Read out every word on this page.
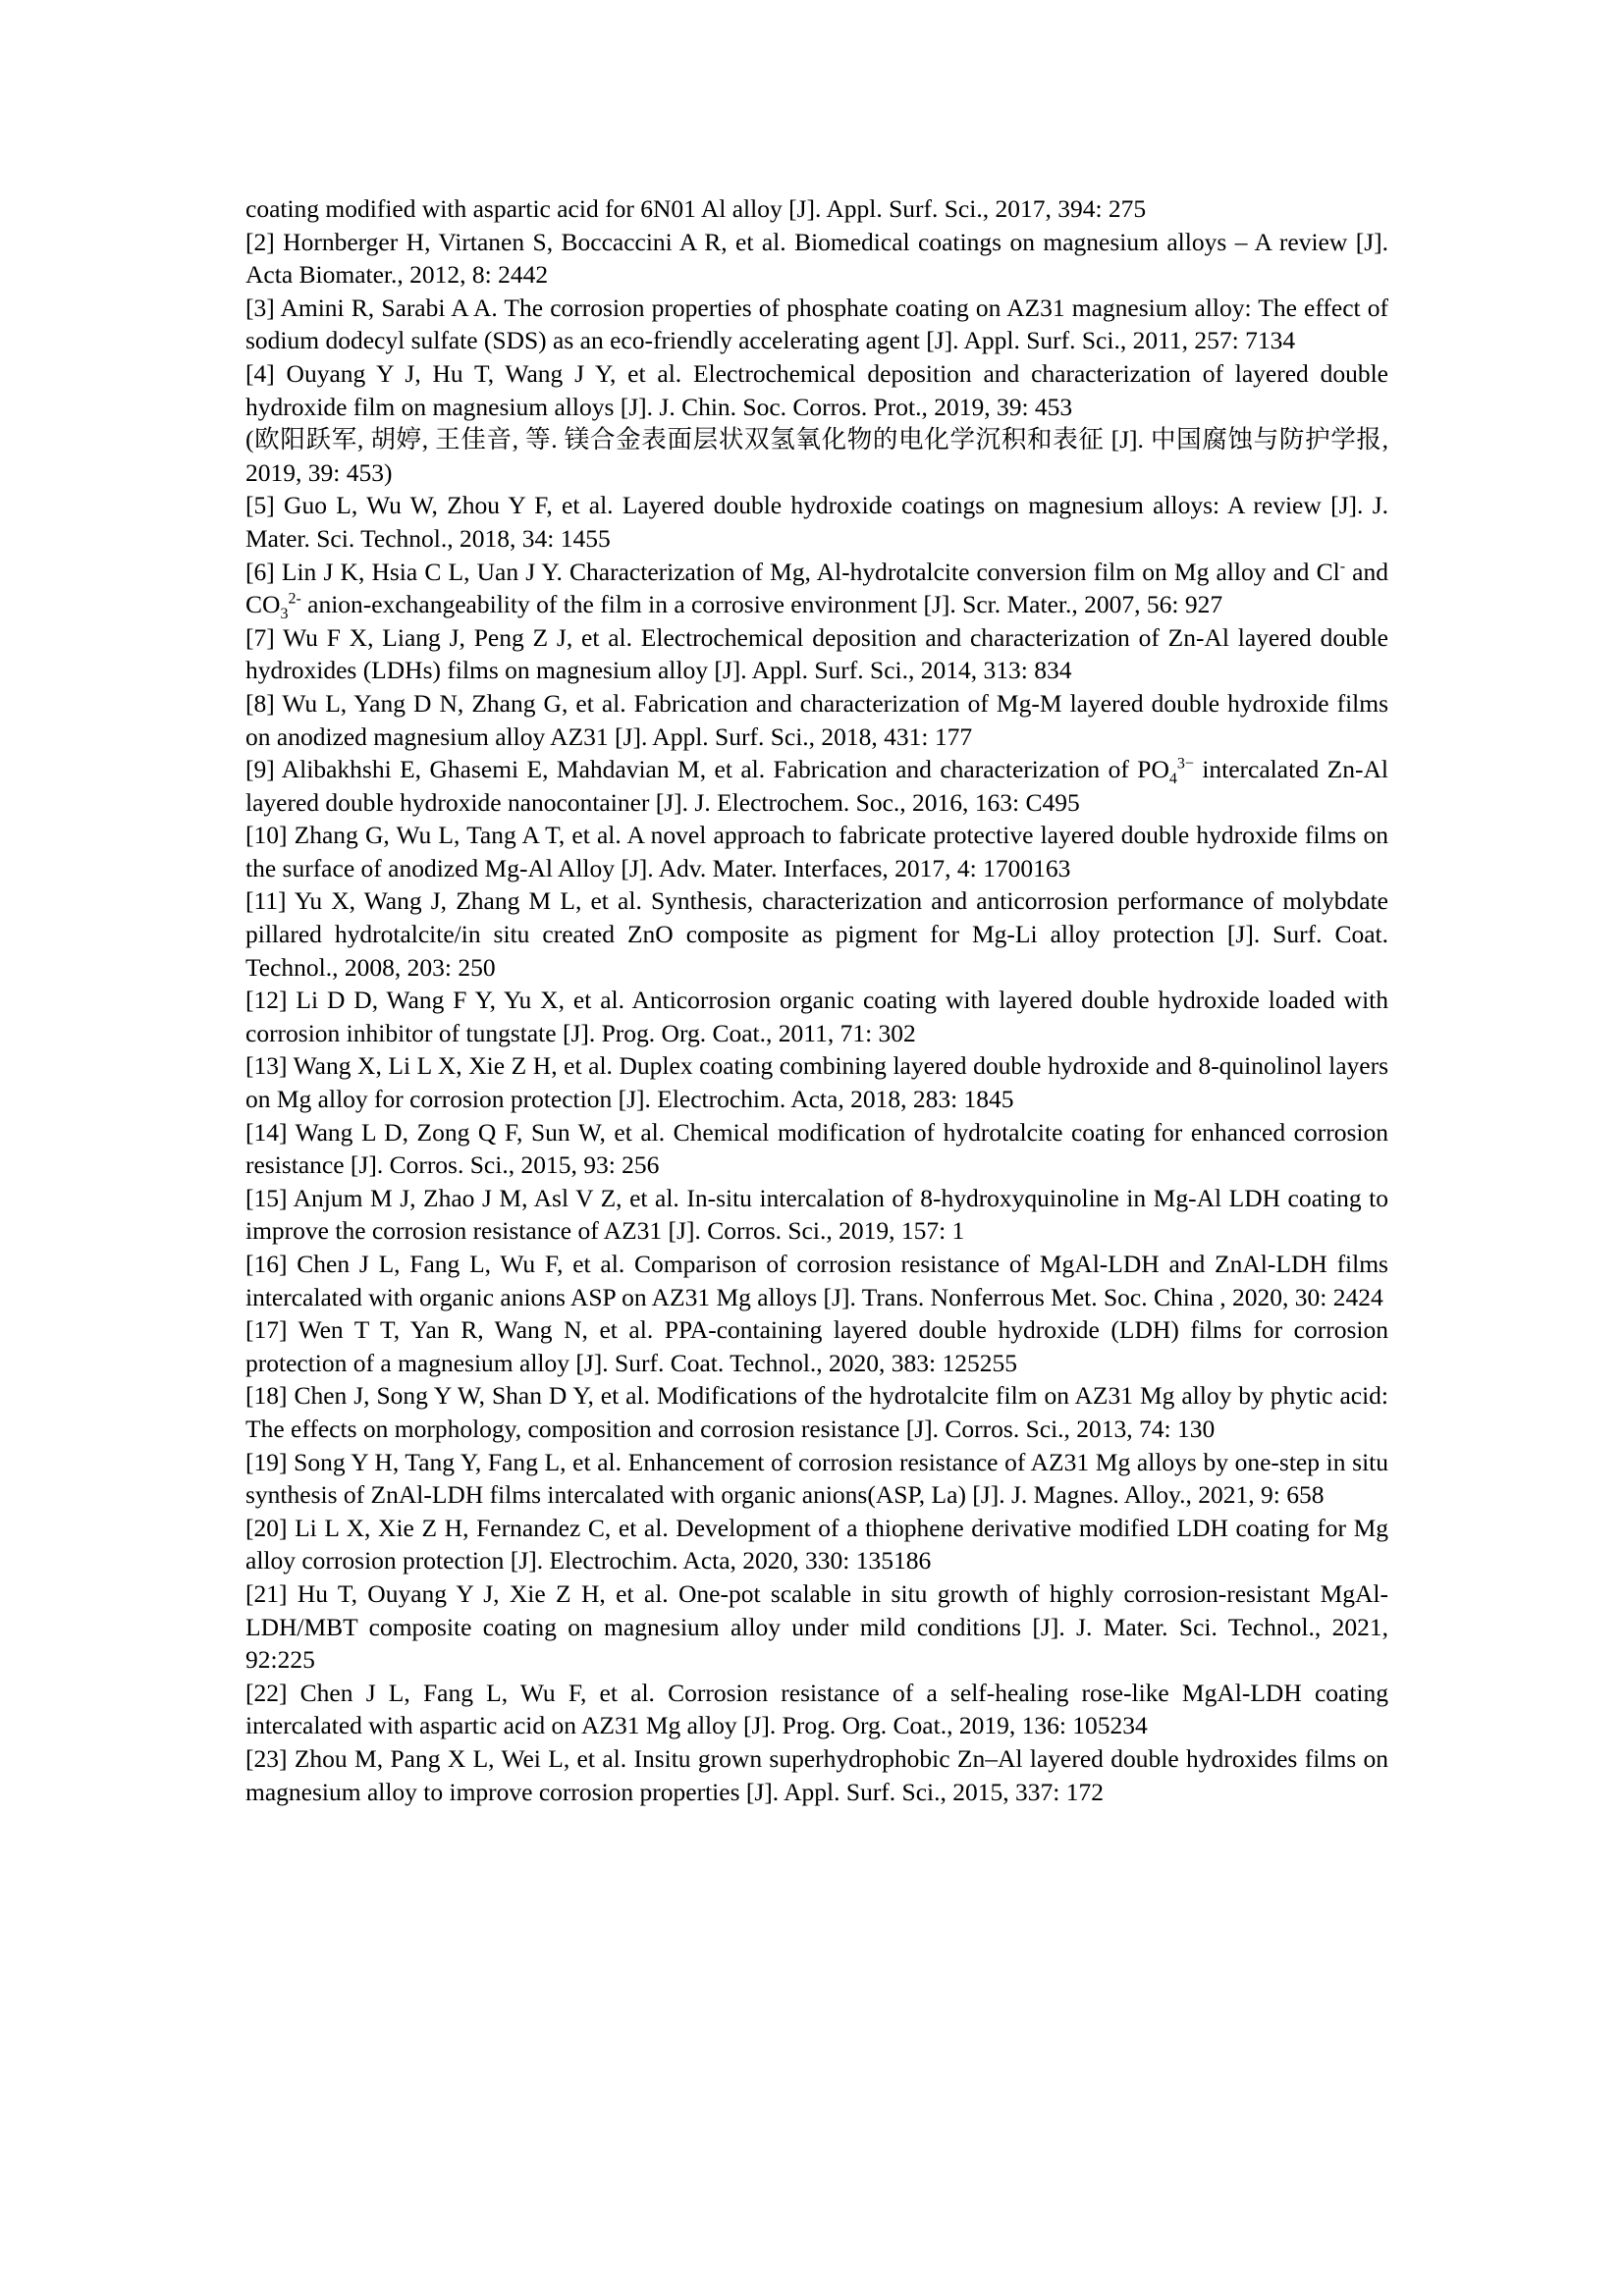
coating modified with aspartic acid for 6N01 Al alloy [J]. Appl. Surf. Sci., 2017, 394: 275

[2] Hornberger H, Virtanen S, Boccaccini A R, et al. Biomedical coatings on magnesium alloys – A review [J]. Acta Biomater., 2012, 8: 2442

[3] Amini R, Sarabi A A. The corrosion properties of phosphate coating on AZ31 magnesium alloy: The effect of sodium dodecyl sulfate (SDS) as an eco-friendly accelerating agent [J]. Appl. Surf. Sci., 2011, 257: 7134

[4] Ouyang Y J, Hu T, Wang J Y, et al. Electrochemical deposition and characterization of layered double hydroxide film on magnesium alloys [J]. J. Chin. Soc. Corros. Prot., 2019, 39: 453

(欧阳跃军, 胡婷, 王佳音, 等. 镁合金表面层状双氢氧化物的电化学沉积和表征 [J]. 中国腐蚀与防护学报, 2019, 39: 453)

[5] Guo L, Wu W, Zhou Y F, et al. Layered double hydroxide coatings on magnesium alloys: A review [J]. J. Mater. Sci. Technol., 2018, 34: 1455

[6] Lin J K, Hsia C L, Uan J Y. Characterization of Mg, Al-hydrotalcite conversion film on Mg alloy and Cl- and $CO_3^{2-}$ anion-exchangeability of the film in a corrosive environment [J]. Scr. Mater., 2007, 56: 927

[7] Wu F X, Liang J, Peng Z J, et al. Electrochemical deposition and characterization of Zn-Al layered double hydroxides (LDHs) films on magnesium alloy [J]. Appl. Surf. Sci., 2014, 313: 834

[8] Wu L, Yang D N, Zhang G, et al. Fabrication and characterization of Mg-M layered double hydroxide films on anodized magnesium alloy AZ31 [J]. Appl. Surf. Sci., 2018, 431: 177

[9] Alibakhshi E, Ghasemi E, Mahdavian M, et al. Fabrication and characterization of $PO_4^{3-}$ intercalated Zn-Al layered double hydroxide nanocontainer [J]. J. Electrochem. Soc., 2016, 163: C495

[10] Zhang G, Wu L, Tang A T, et al. A novel approach to fabricate protective layered double hydroxide films on the surface of anodized Mg-Al Alloy [J]. Adv. Mater. Interfaces, 2017, 4: 1700163

[11] Yu X, Wang J, Zhang M L, et al. Synthesis, characterization and anticorrosion performance of molybdate pillared hydrotalcite/in situ created ZnO composite as pigment for Mg-Li alloy protection [J]. Surf. Coat. Technol., 2008, 203: 250

[12] Li D D, Wang F Y, Yu X, et al. Anticorrosion organic coating with layered double hydroxide loaded with corrosion inhibitor of tungstate [J]. Prog. Org. Coat., 2011, 71: 302

[13] Wang X, Li L X, Xie Z H, et al. Duplex coating combining layered double hydroxide and 8-quinolinol layers on Mg alloy for corrosion protection [J]. Electrochim. Acta, 2018, 283: 1845

[14] Wang L D, Zong Q F, Sun W, et al. Chemical modification of hydrotalcite coating for enhanced corrosion resistance [J]. Corros. Sci., 2015, 93: 256

[15] Anjum M J, Zhao J M, Asl V Z, et al. In-situ intercalation of 8-hydroxyquinoline in Mg-Al LDH coating to improve the corrosion resistance of AZ31 [J]. Corros. Sci., 2019, 157: 1

[16] Chen J L, Fang L, Wu F, et al. Comparison of corrosion resistance of MgAl-LDH and ZnAl-LDH films intercalated with organic anions ASP on AZ31 Mg alloys [J]. Trans. Nonferrous Met. Soc. China , 2020, 30: 2424

[17] Wen T T, Yan R, Wang N, et al. PPA-containing layered double hydroxide (LDH) films for corrosion protection of a magnesium alloy [J]. Surf. Coat. Technol., 2020, 383: 125255

[18] Chen J, Song Y W, Shan D Y, et al. Modifications of the hydrotalcite film on AZ31 Mg alloy by phytic acid: The effects on morphology, composition and corrosion resistance [J]. Corros. Sci., 2013, 74: 130

[19] Song Y H, Tang Y, Fang L, et al. Enhancement of corrosion resistance of AZ31 Mg alloys by one-step in situ synthesis of ZnAl-LDH films intercalated with organic anions(ASP, La) [J]. J. Magnes. Alloy., 2021, 9: 658

[20] Li L X, Xie Z H, Fernandez C, et al. Development of a thiophene derivative modified LDH coating for Mg alloy corrosion protection [J]. Electrochim. Acta, 2020, 330: 135186

[21] Hu T, Ouyang Y J, Xie Z H, et al. One-pot scalable in situ growth of highly corrosion-resistant MgAl-LDH/MBT composite coating on magnesium alloy under mild conditions [J]. J. Mater. Sci. Technol., 2021, 92:225

[22] Chen J L, Fang L, Wu F, et al. Corrosion resistance of a self-healing rose-like MgAl-LDH coating intercalated with aspartic acid on AZ31 Mg alloy [J]. Prog. Org. Coat., 2019, 136: 105234

[23] Zhou M, Pang X L, Wei L, et al. Insitu grown superhydrophobic Zn–Al layered double hydroxides films on magnesium alloy to improve corrosion properties [J]. Appl. Surf. Sci., 2015, 337: 172
